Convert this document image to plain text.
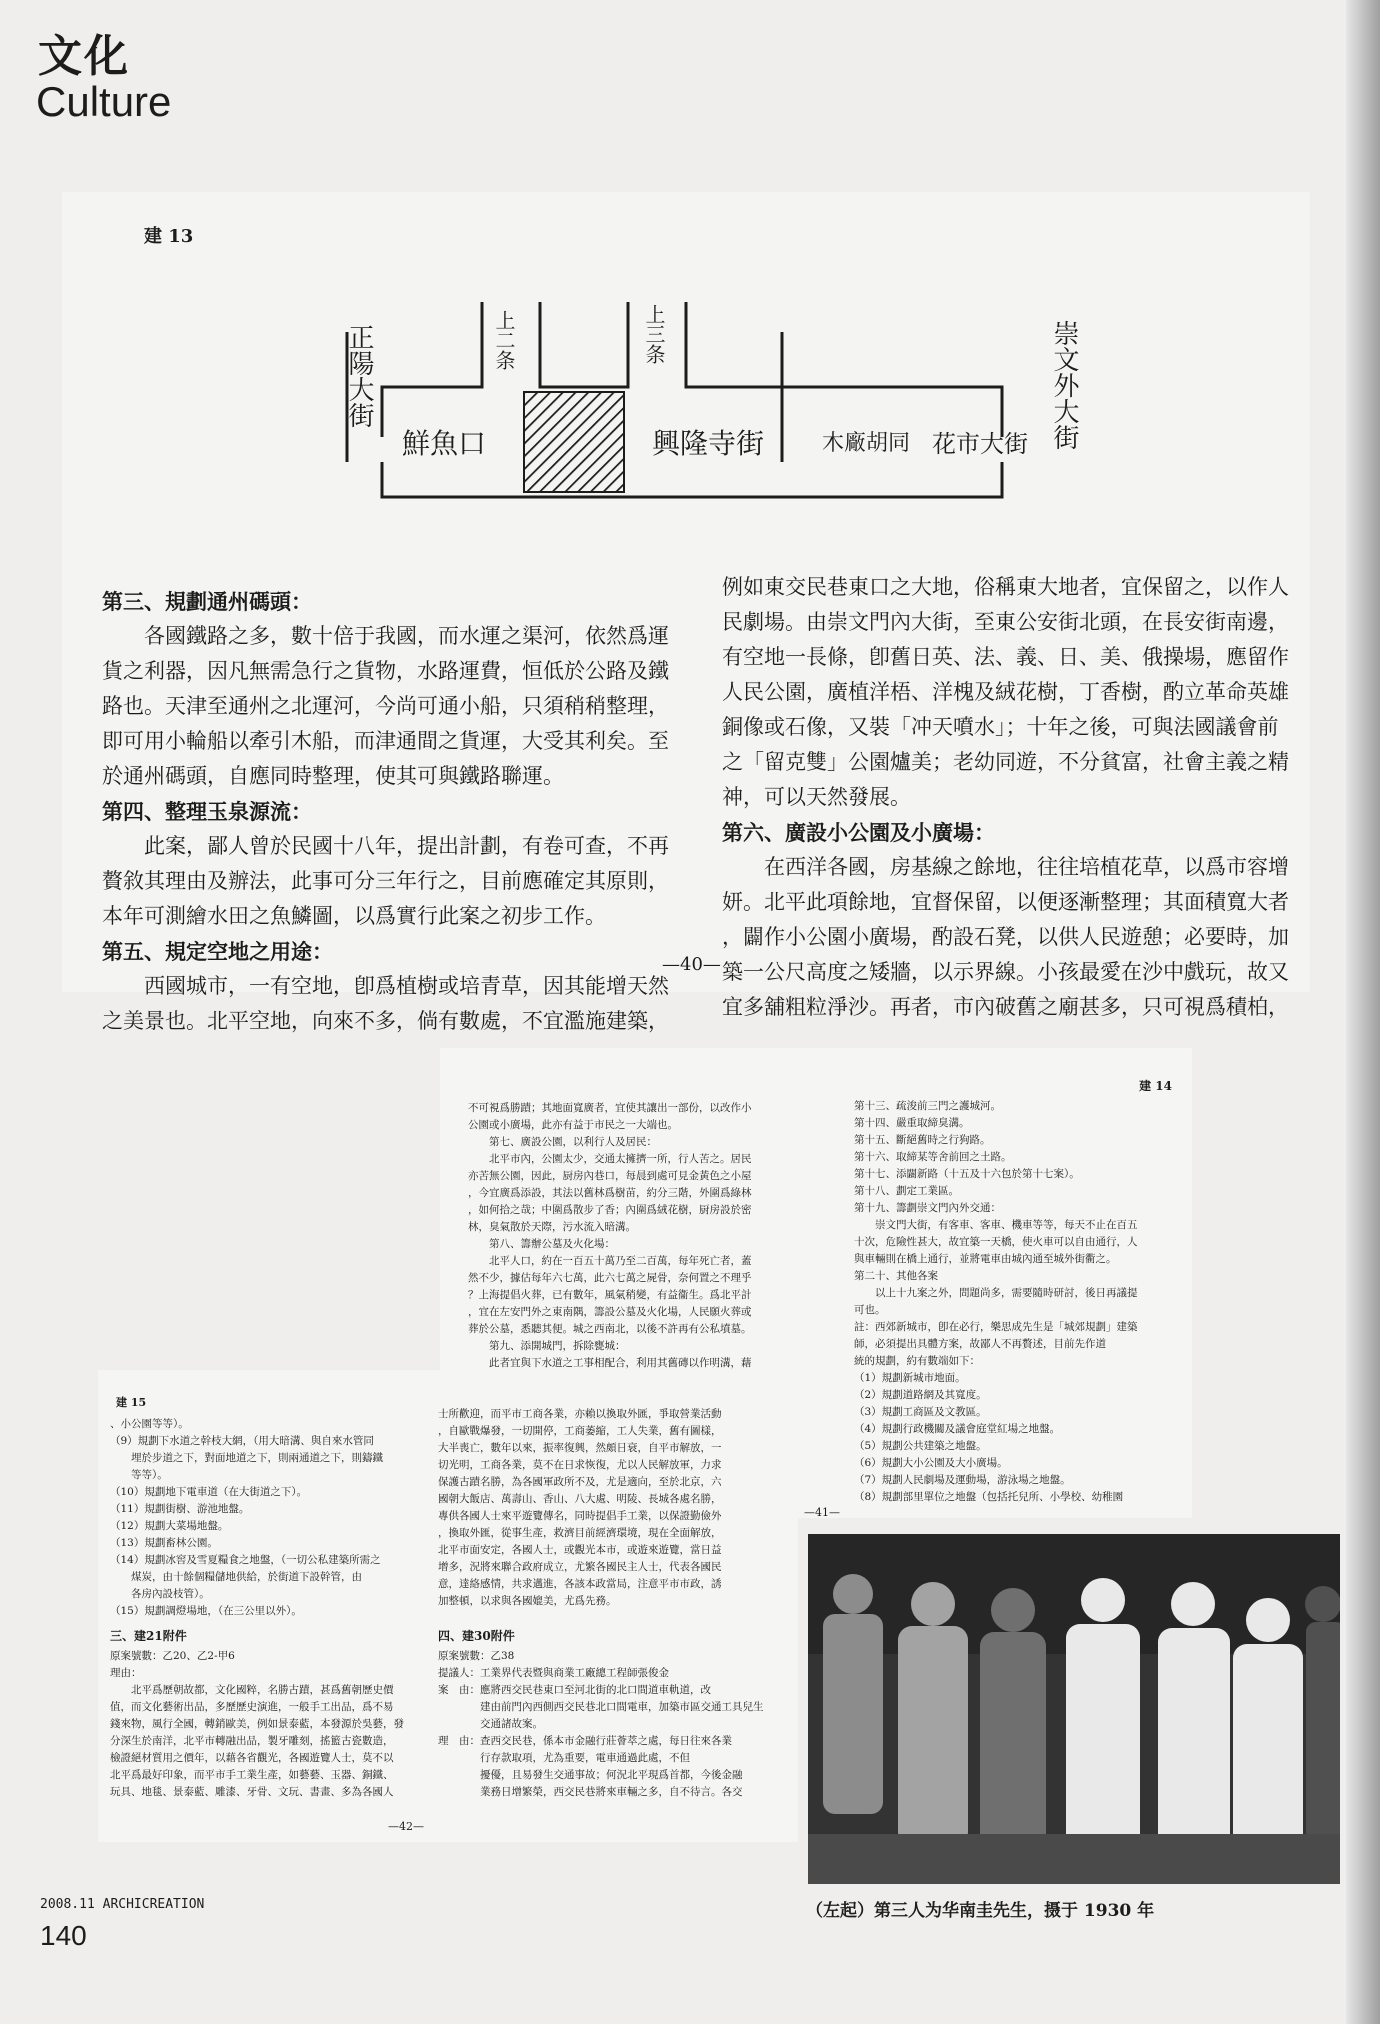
文化
Culture
建 13
正陽大街	上二条	上三条	崇文外大街
鮮魚口	興隆寺街	木廠胡同 花市大街

第三、規劃通州碼頭：

　　各國鐵路之多，數十倍于我國，而水運之渠河，依然爲運

貨之利器，因凡無需急行之貨物，水路運費，恒低於公路及鐵

路也。天津至通州之北運河，今尚可通小船，只須稍稍整理，

即可用小輪船以牽引木船，而津通間之貨運，大受其利矣。至

於通州碼頭，自應同時整理，使其可與鐵路聯運。

第四、整理玉泉源流：

　　此案，鄙人曾於民國十八年，提出計劃，有卷可查，不再

贅敘其理由及辦法，此事可分三年行之，目前應確定其原則，

本年可測繪水田之魚鱗圖，以爲實行此案之初步工作。

第五、規定空地之用途：

　　西國城市，一有空地，卽爲植樹或培青草，因其能增天然

之美景也。北平空地，向來不多，倘有數處，不宜濫施建築，

例如東交民巷東口之大地，俗稱東大地者，宜保留之，以作人

民劇場。由崇文門內大街，至東公安街北頭，在長安街南邊，

有空地一長條，卽舊日英、法、義、日、美、俄操場，應留作

人民公園，廣植洋梧、洋槐及絨花樹，丁香樹，酌立革命英雄

銅像或石像，又裝「冲天噴水」；十年之後，可與法國議會前

之「留克雙」公園爐美；老幼同遊，不分貧富，社會主義之精

神，可以天然發展。

第六、廣設小公園及小廣場：

　　在西洋各國，房基線之餘地，往往培植花草，以爲市容增

妍。北平此項餘地，宜督保留，以便逐漸整理；其面積寬大者

，闢作小公園小廣場，酌設石凳，以供人民遊憩；必要時，加

築一公尺高度之矮牆，以示界線。小孩最愛在沙中戲玩，故又

宜多舖粗粒淨沙。再者，市內破舊之廟甚多，只可視爲積柏，

—40—
建 14

不可視爲勝蹟；其地面寬廣者，宜使其讓出一部份，以改作小

公園或小廣場，此亦有益于市民之一大端也。

　　第七、廣設公園，以利行人及居民：

　　北平市內，公園太少，交通太擁擠一所，行人苦之。居民

亦苦無公園，因此，厨房內巷口，每晨到處可見金黃色之小屋

，今宜廣爲添設，其法以舊林爲樹苗，約分三階，外圍爲綠林

，如何拾之哉；中圍爲散步了香；內圍爲絨花樹，厨房設於密

林，臭氣散於天際，污水流入暗溝。

　　第八、籌辦公墓及火化場：

　　北平人口，約在一百五十萬乃至二百萬，每年死亡者，蓋

然不少，據估每年六七萬，此六七萬之屍骨，奈何置之不理乎

？上海提倡火葬，已有數年，風氣稍變，有益衞生。爲北平計

，宜在左安門外之東南隅，籌設公墓及火化場，人民願火葬或

葬於公墓，悉聽其便。城之西南北，以後不許再有公私墳墓。

　　第九、添開城門，拆除甕城：

　　此者宜與下水道之工事相配合，利用其舊磚以作明溝，藉

第十三、疏浚前三門之護城河。

第十四、嚴重取締臭溝。

第十五、斷絕舊時之行狗路。

第十六、取締某等舍前回之土路。

第十七、添闢新路（十五及十六包於第十七案）。

第十八、劃定工業區。

第十九、籌劃崇文門內外交通：

　　崇文門大街，有客車、客車、機車等等，每天不止在百五

十次，危險性甚大，故宜築一天橋，使火車可以自由通行，人

與車輛則在橋上通行，並將電車由城內通至城外街衢之。

第二十、其他各案

　　以上十九案之外，問題尚多，需要隨時研討，後日再議提

可也。

註：西郊新城市，卽在必行，樂思成先生是「城郊規劃」建築

師，必須提出具體方案，故鄙人不再贅述，目前先作道

統的規劃，約有數端如下：

（1）規劃新城市地面。

（2）規劃道路網及其寬度。

（3）規劃工商區及文教區。

（4）規劃行政機關及議會庭堂紅場之地盤。

（5）規劃公共建築之地盤。

（6）規劃大小公園及大小廣場。

（7）規劃人民劇場及運動場，游泳場之地盤。

（8）規劃部里單位之地盤（包括托兒所、小學校、幼稚園

—41—
建 15

、小公園等等）。

（9）規劃下水道之幹枝大網，（用大暗溝、與自來水管同

　　埋於步道之下，對面地道之下，則兩通道之下，則鑄鐵

　　等等）。

（10）規劃地下電車道（在大街道之下）。

（11）規劃街樹、游池地盤。

（12）規劃大菜場地盤。

（13）規劃畜林公園。

（14）規劃冰窖及雪夏糧食之地盤，（一切公私建築所需之

　　煤炭，由十餘個糧儲地供給，於街道下設幹管，由

　　各房內設枝管）。

（15）規劃調燈場地，（在三公里以外）。

士所歡迎，而平市工商各業，亦賴以換取外匯，爭取營業活動

，自歐戰爆發，一切開停，工商萎縮，工人失業，舊有圖樣，

大半喪亡，數年以來，振率復興，然頗日衰，自平市解放，一

切光明，工商各業，莫不在日求恢復，尤以人民解放軍，力求

保護古蹟名勝，為各國軍政所不及，尤是適向，至於北京，六

國朝大飯店、萬壽山、香山、八大處、明陵、長城各處名勝，

專供各國人士來平遊覽傳名，同時提倡手工業，以保證勤儉外

，換取外匯，從事生產，救濟目前經濟環境，現在全面解放，

北平市面安定，各國人士，或觀光本市，或遊來遊覽，當日益

增多，況將來聯合政府成立，尤繁各國民主人士，代表各國民

意，達絡感情，共求邁進，各該本政當局，注意平市市政，誘

加整頓，以求與各國媲美，尤爲先務。

三、建21附件

原案號數：乙20、乙2-甲6

理由：

　　北平爲歷朝故都，文化國粹，名勝古蹟，甚爲舊朝歷史價

值，而文化藝術出品，多歷歷史演進，一般手工出品，爲不易

錢來物，風行全國，轉銷歐美，例如景泰藍，本發源於吳藝，發

分深生於南洋，北平市轉融出品，製牙雕刻，搖籃古瓷數造，

檢證絕材質用之價年，以藉各省觀光，各國遊覽人士，莫不以

北平爲最好印象，而平市手工業生產，如藝藝、玉器、銅鐵、

玩具、地毯、景泰藍、雕漆、牙骨、文玩、書畫、多為各國人

四、建30附件

原案號數：乙38

提議人：工業界代表暨與商業工廠總工程師張俊金

案　由：應將西交民巷東口至河北街的北口間道車軌道，改

　　　　建由前門內西側西交民巷北口間電車，加築市區交通工具兒生

　　　　交通諸故案。

理　由：查西交民巷，係本市金融行莊薈萃之處，每日往來各業

　　　　行存款取項，尤為重要，電車通過此處，不但

　　　　擾優，且易發生交通事故；何況北平現爲首都，今後金融

　　　　業務日增繁榮，西交民巷將來車輛之多，自不待言。各交

—42—
（左起）第三人为华南圭先生，摄于 1930 年
2008.11 ARCHICREATION
140
